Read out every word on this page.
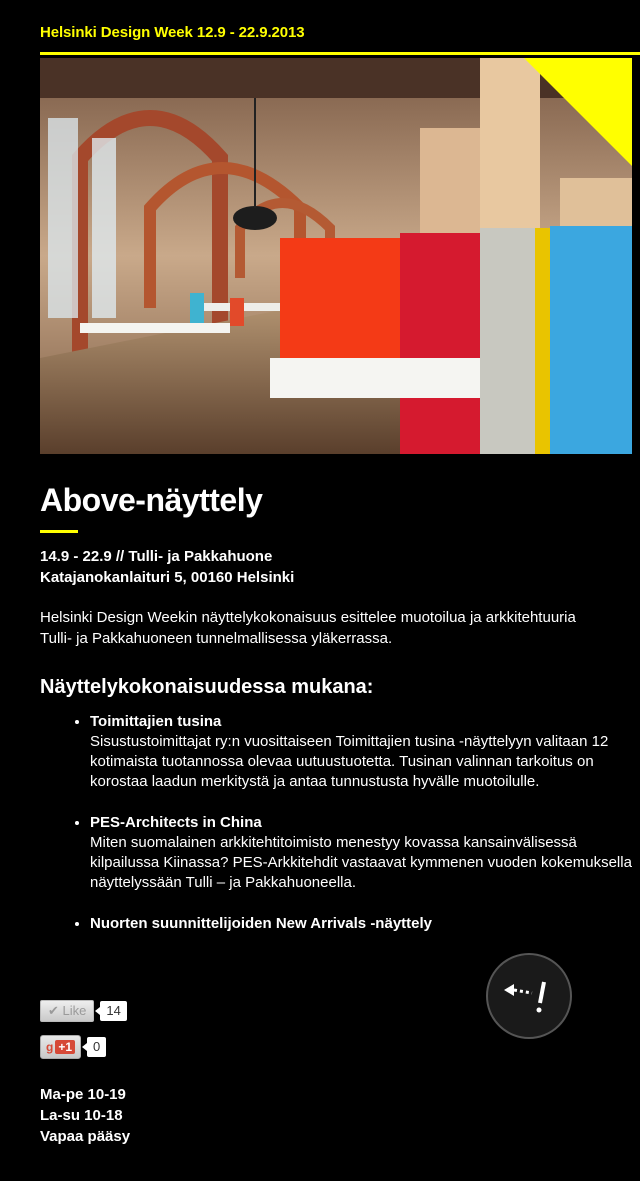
Helsinki Design Week 12.9 - 22.9.2013
Above-näyttely
14.9 - 22.9 // Tulli- ja Pakkahuone
Katajanokanlaituri 5, 00160 Helsinki
Helsinki Design Weekin näyttelykokonaisuus esittelee muotoilua ja arkkitehtuuria Tulli- ja Pakkahuoneen tunnelmallisessa yläkerrassa.
Näyttelykokonaisuudessa mukana:
• Toimittajien tusina
Sisustustoimittajat ry:n vuosittaiseen Toimittajien tusina -näyttelyyn valitaan 12 kotimaista tuotannossa olevaa uutuustuotetta. Tusinan valinnan tarkoitus on korostaa laadun merkitystä ja antaa tunnustusta hyvälle muotoilulle.
• PES-Architects in China
Miten suomalainen arkkitehtitoimisto menestyy kovassa kansainvälisessä kilpailussa Kiinassa? PES-Arkkitehdit vastaavat kymmenen vuoden kokemuksella näyttelyssään Tulli – ja Pakkahuoneella.
• Nuorten suunnittelijoiden New Arrivals -näyttely
✔ Like 14
g +1 0
Ma-pe 10-19
La-su 10-18
Vapaa pääsy
